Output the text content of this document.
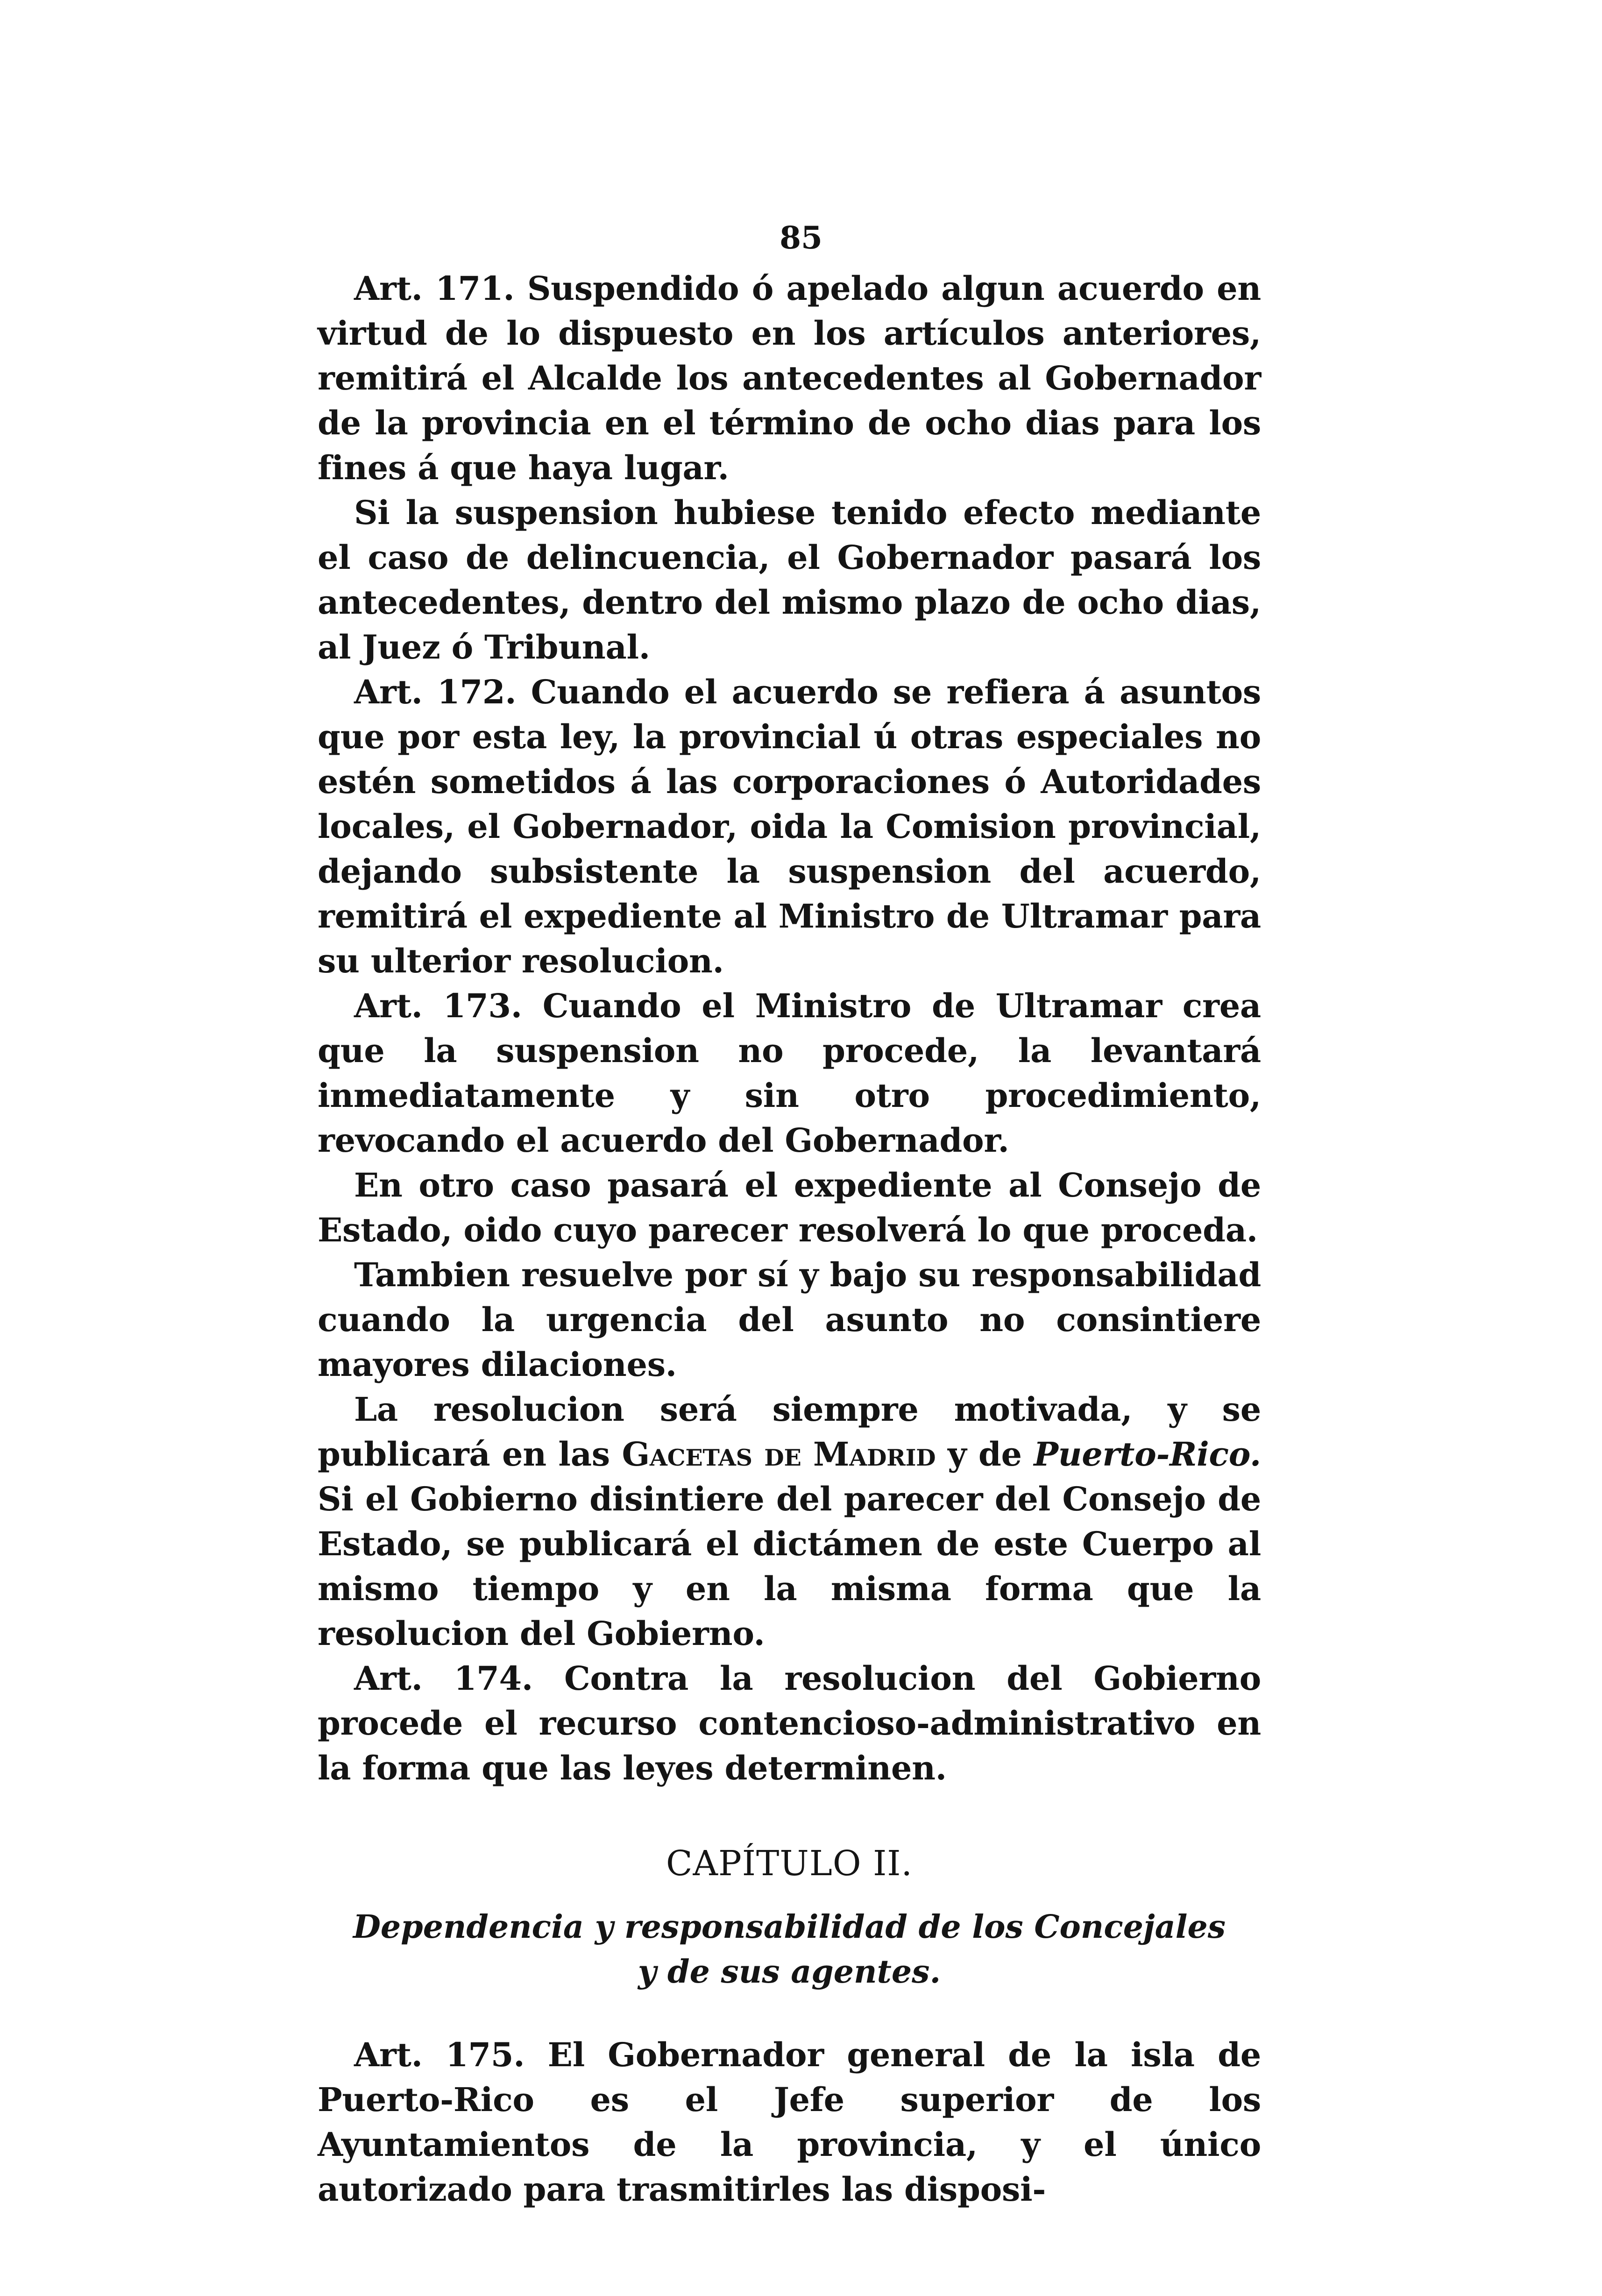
85

Art. 171. Suspendido ó apelado algun acuerdo en virtud de lo dispuesto en los artículos anteriores, remitirá el Alcalde los antecedentes al Gobernador de la provincia en el término de ocho dias para los fines á que haya lugar.

Si la suspension hubiese tenido efecto mediante el caso de delincuencia, el Gobernador pasará los antecedentes, dentro del mismo plazo de ocho dias, al Juez ó Tribunal.

Art. 172. Cuando el acuerdo se refiera á asuntos que por esta ley, la provincial ú otras especiales no estén sometidos á las corporaciones ó Autoridades locales, el Gobernador, oida la Comision provincial, dejando subsistente la suspension del acuerdo, remitirá el expediente al Ministro de Ultramar para su ulterior resolucion.

Art. 173. Cuando el Ministro de Ultramar crea que la suspension no procede, la levantará inmediatamente y sin otro procedimiento, revocando el acuerdo del Gobernador.

En otro caso pasará el expediente al Consejo de Estado, oido cuyo parecer resolverá lo que proceda.

Tambien resuelve por sí y bajo su responsabilidad cuando la urgencia del asunto no consintiere mayores dilaciones.

La resolucion será siempre motivada, y se publicará en las Gacetas de Madrid y de Puerto-Rico. Si el Gobierno disintiere del parecer del Consejo de Estado, se publicará el dictámen de este Cuerpo al mismo tiempo y en la misma forma que la resolucion del Gobierno.

Art. 174. Contra la resolucion del Gobierno procede el recurso contencioso-administrativo en la forma que las leyes determinen.

CAPÍTULO II.

Dependencia y responsabilidad de los Concejales
y de sus agentes.

Art. 175. El Gobernador general de la isla de Puerto-Rico es el Jefe superior de los Ayuntamientos de la provincia, y el único autorizado para trasmitirles las disposi-
